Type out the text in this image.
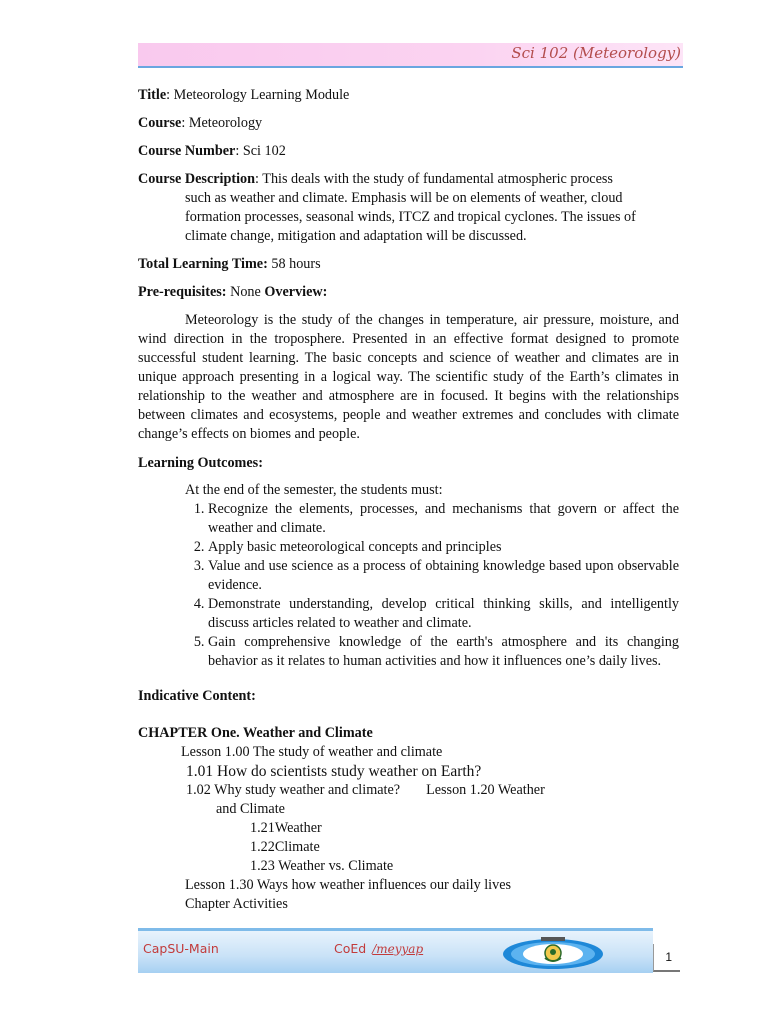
Sci 102 (Meteorology)

Title: Meteorology Learning Module

Course: Meteorology

Course Number: Sci 102

Course Description: This deals with the study of fundamental atmospheric process
such as weather and climate. Emphasis will be on elements of weather, cloud formation processes, seasonal winds, ITCZ and tropical cyclones. The issues of climate change, mitigation and adaptation will be discussed.

Total Learning Time: 58 hours

Pre-requisites: None Overview:

Meteorology is the study of the changes in temperature, air pressure, moisture, and wind direction in the troposphere. Presented in an effective format designed to promote successful student learning. The basic concepts and science of weather and climates are in unique approach presenting in a logical way. The scientific study of the Earth’s climates in relationship to the weather and atmosphere are in focused. It begins with the relationships between climates and ecosystems, people and weather extremes and concludes with climate change’s effects on biomes and people.

Learning Outcomes:

At the end of the semester, the students must:

1. Recognize the elements, processes, and mechanisms that govern or affect the weather and climate.
2. Apply basic meteorological concepts and principles
3. Value and use science as a process of obtaining knowledge based upon observable evidence.
4. Demonstrate understanding, develop critical thinking skills, and intelligently discuss articles related to weather and climate.
5. Gain comprehensive knowledge of the earth's atmosphere and its changing behavior as it relates to human activities and how it influences one’s daily lives.

Indicative Content:

CHAPTER One. Weather and Climate

Lesson 1.00 The study of weather and climate
1.01 How do scientists study weather on Earth?
1.02 Why study weather and climate? Lesson 1.20 Weather
and Climate
1.21Weather
1.22Climate
1.23 Weather vs. Climate
Lesson 1.30 Ways how weather influences our daily lives
Chapter Activities
CapSU-Main	CoEd /meyyap
1
